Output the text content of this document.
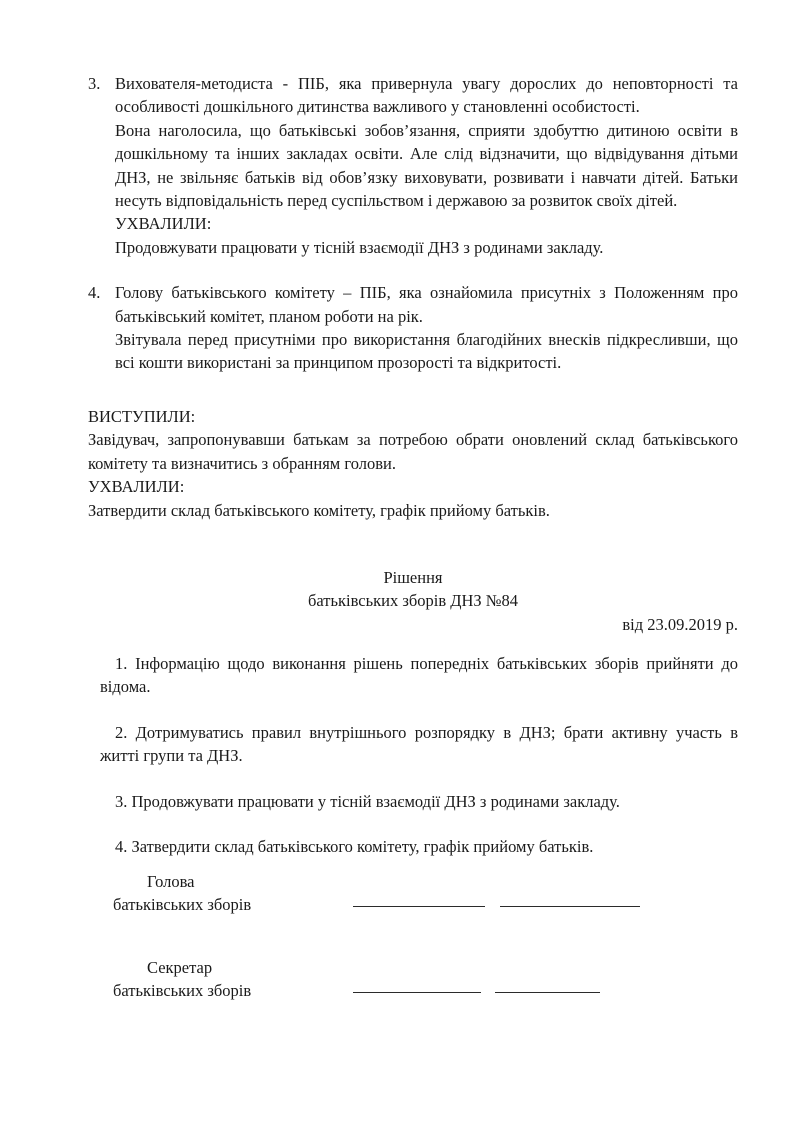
3. Вихователя-методиста - ПІБ, яка привернула увагу дорослих до неповторності та особливості дошкільного дитинства важливого у становленні особистості.

Вона наголосила, що батьківські зобов’язання, сприяти здобуттю дитиною освіти в дошкільному та інших закладах освіти. Але слід відзначити, що відвідування дітьми ДНЗ, не звільняє батьків від обов’язку виховувати, розвивати і навчати дітей. Батьки несуть відповідальність перед суспільством і державою за розвиток своїх дітей.

УХВАЛИЛИ:

Продовжувати працювати у тісній взаємодії ДНЗ з родинами закладу.

4. Голову батьківського комітету – ПІБ, яка ознайомила присутніх з Положенням про батьківський комітет, планом роботи на рік.

Звітувала перед присутніми про використання благодійних внесків підкресливши, що всі кошти використані за принципом прозорості та відкритості.

ВИСТУПИЛИ:

Завідувач, запропонувавши батькам за потребою обрати оновлений склад батьківського комітету та визначитись з обранням голови.

УХВАЛИЛИ:

Затвердити склад батьківського комітету, графік прийому батьків.

Рішення
батьківських зборів ДНЗ №84
від 23.09.2019 р.

1. Інформацію щодо виконання рішень попередніх батьківських зборів прийняти до відома.

2. Дотримуватись правил внутрішнього розпорядку в ДНЗ; брати активну участь в житті групи та ДНЗ.

3. Продовжувати працювати у тісній взаємодії ДНЗ з родинами закладу.

4. Затвердити склад батьківського комітету, графік прийому батьків.

Голова
батьківських зборів
Секретар
батьківських зборів
